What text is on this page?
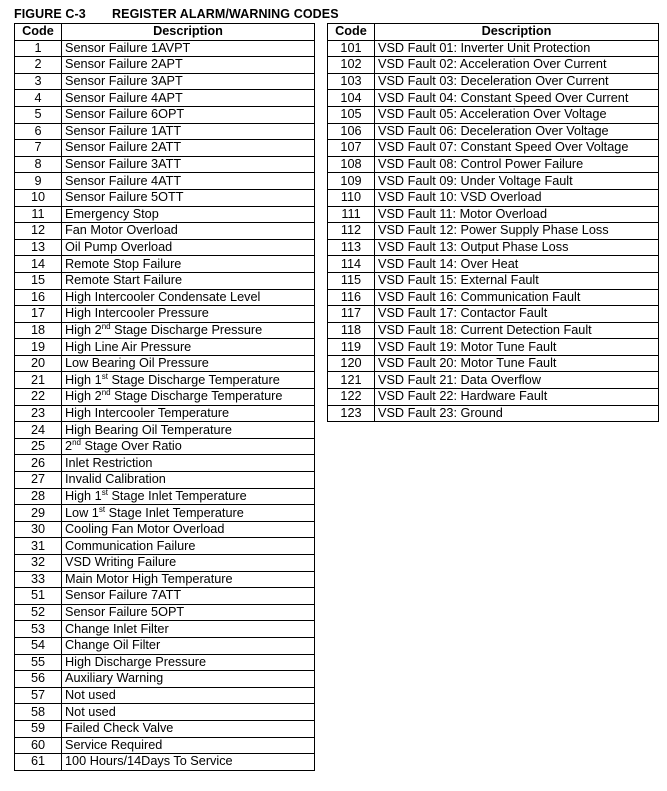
FIGURE C-3 REGISTER ALARM/WARNING CODES
Code	Description
1	Sensor Failure 1AVPT
2	Sensor Failure 2APT
3	Sensor Failure 3APT
4	Sensor Failure 4APT
5	Sensor Failure 6OPT
6	Sensor Failure 1ATT
7	Sensor Failure 2ATT
8	Sensor Failure 3ATT
9	Sensor Failure 4ATT
10	Sensor Failure 5OTT
11	Emergency Stop
12	Fan Motor Overload
13	Oil Pump Overload
14	Remote Stop Failure
15	Remote Start Failure
16	High Intercooler Condensate Level
17	High Intercooler Pressure
18	High 2nd Stage Discharge Pressure
19	High Line Air Pressure
20	Low Bearing Oil Pressure
21	High 1st Stage Discharge Temperature
22	High 2nd Stage Discharge Temperature
23	High Intercooler Temperature
24	High Bearing Oil Temperature
25	2nd Stage Over Ratio
26	Inlet Restriction
27	Invalid Calibration
28	High 1st Stage Inlet Temperature
29	Low 1st Stage Inlet Temperature
30	Cooling Fan Motor Overload
31	Communication Failure
32	VSD Writing Failure
33	Main Motor High Temperature
51	Sensor Failure 7ATT
52	Sensor Failure 5OPT
53	Change Inlet Filter
54	Change Oil Filter
55	High Discharge Pressure
56	Auxiliary Warning
57	Not used
58	Not used
59	Failed Check Valve
60	Service Required
61	100 Hours/14Days To Service
Code	Description
101	VSD Fault 01: Inverter Unit Protection
102	VSD Fault 02: Acceleration Over Current
103	VSD Fault 03: Deceleration Over Current
104	VSD Fault 04: Constant Speed Over Current
105	VSD Fault 05: Acceleration Over Voltage
106	VSD Fault 06: Deceleration Over Voltage
107	VSD Fault 07: Constant Speed Over Voltage
108	VSD Fault 08: Control Power Failure
109	VSD Fault 09: Under Voltage Fault
110	VSD Fault 10: VSD Overload
111	VSD Fault 11: Motor Overload
112	VSD Fault 12: Power Supply Phase Loss
113	VSD Fault 13: Output Phase Loss
114	VSD Fault 14: Over Heat
115	VSD Fault 15: External Fault
116	VSD Fault 16: Communication Fault
117	VSD Fault 17: Contactor Fault
118	VSD Fault 18: Current Detection Fault
119	VSD Fault 19: Motor Tune Fault
120	VSD Fault 20: Motor Tune Fault
121	VSD Fault 21: Data Overflow
122	VSD Fault 22: Hardware Fault
123	VSD Fault 23: Ground
